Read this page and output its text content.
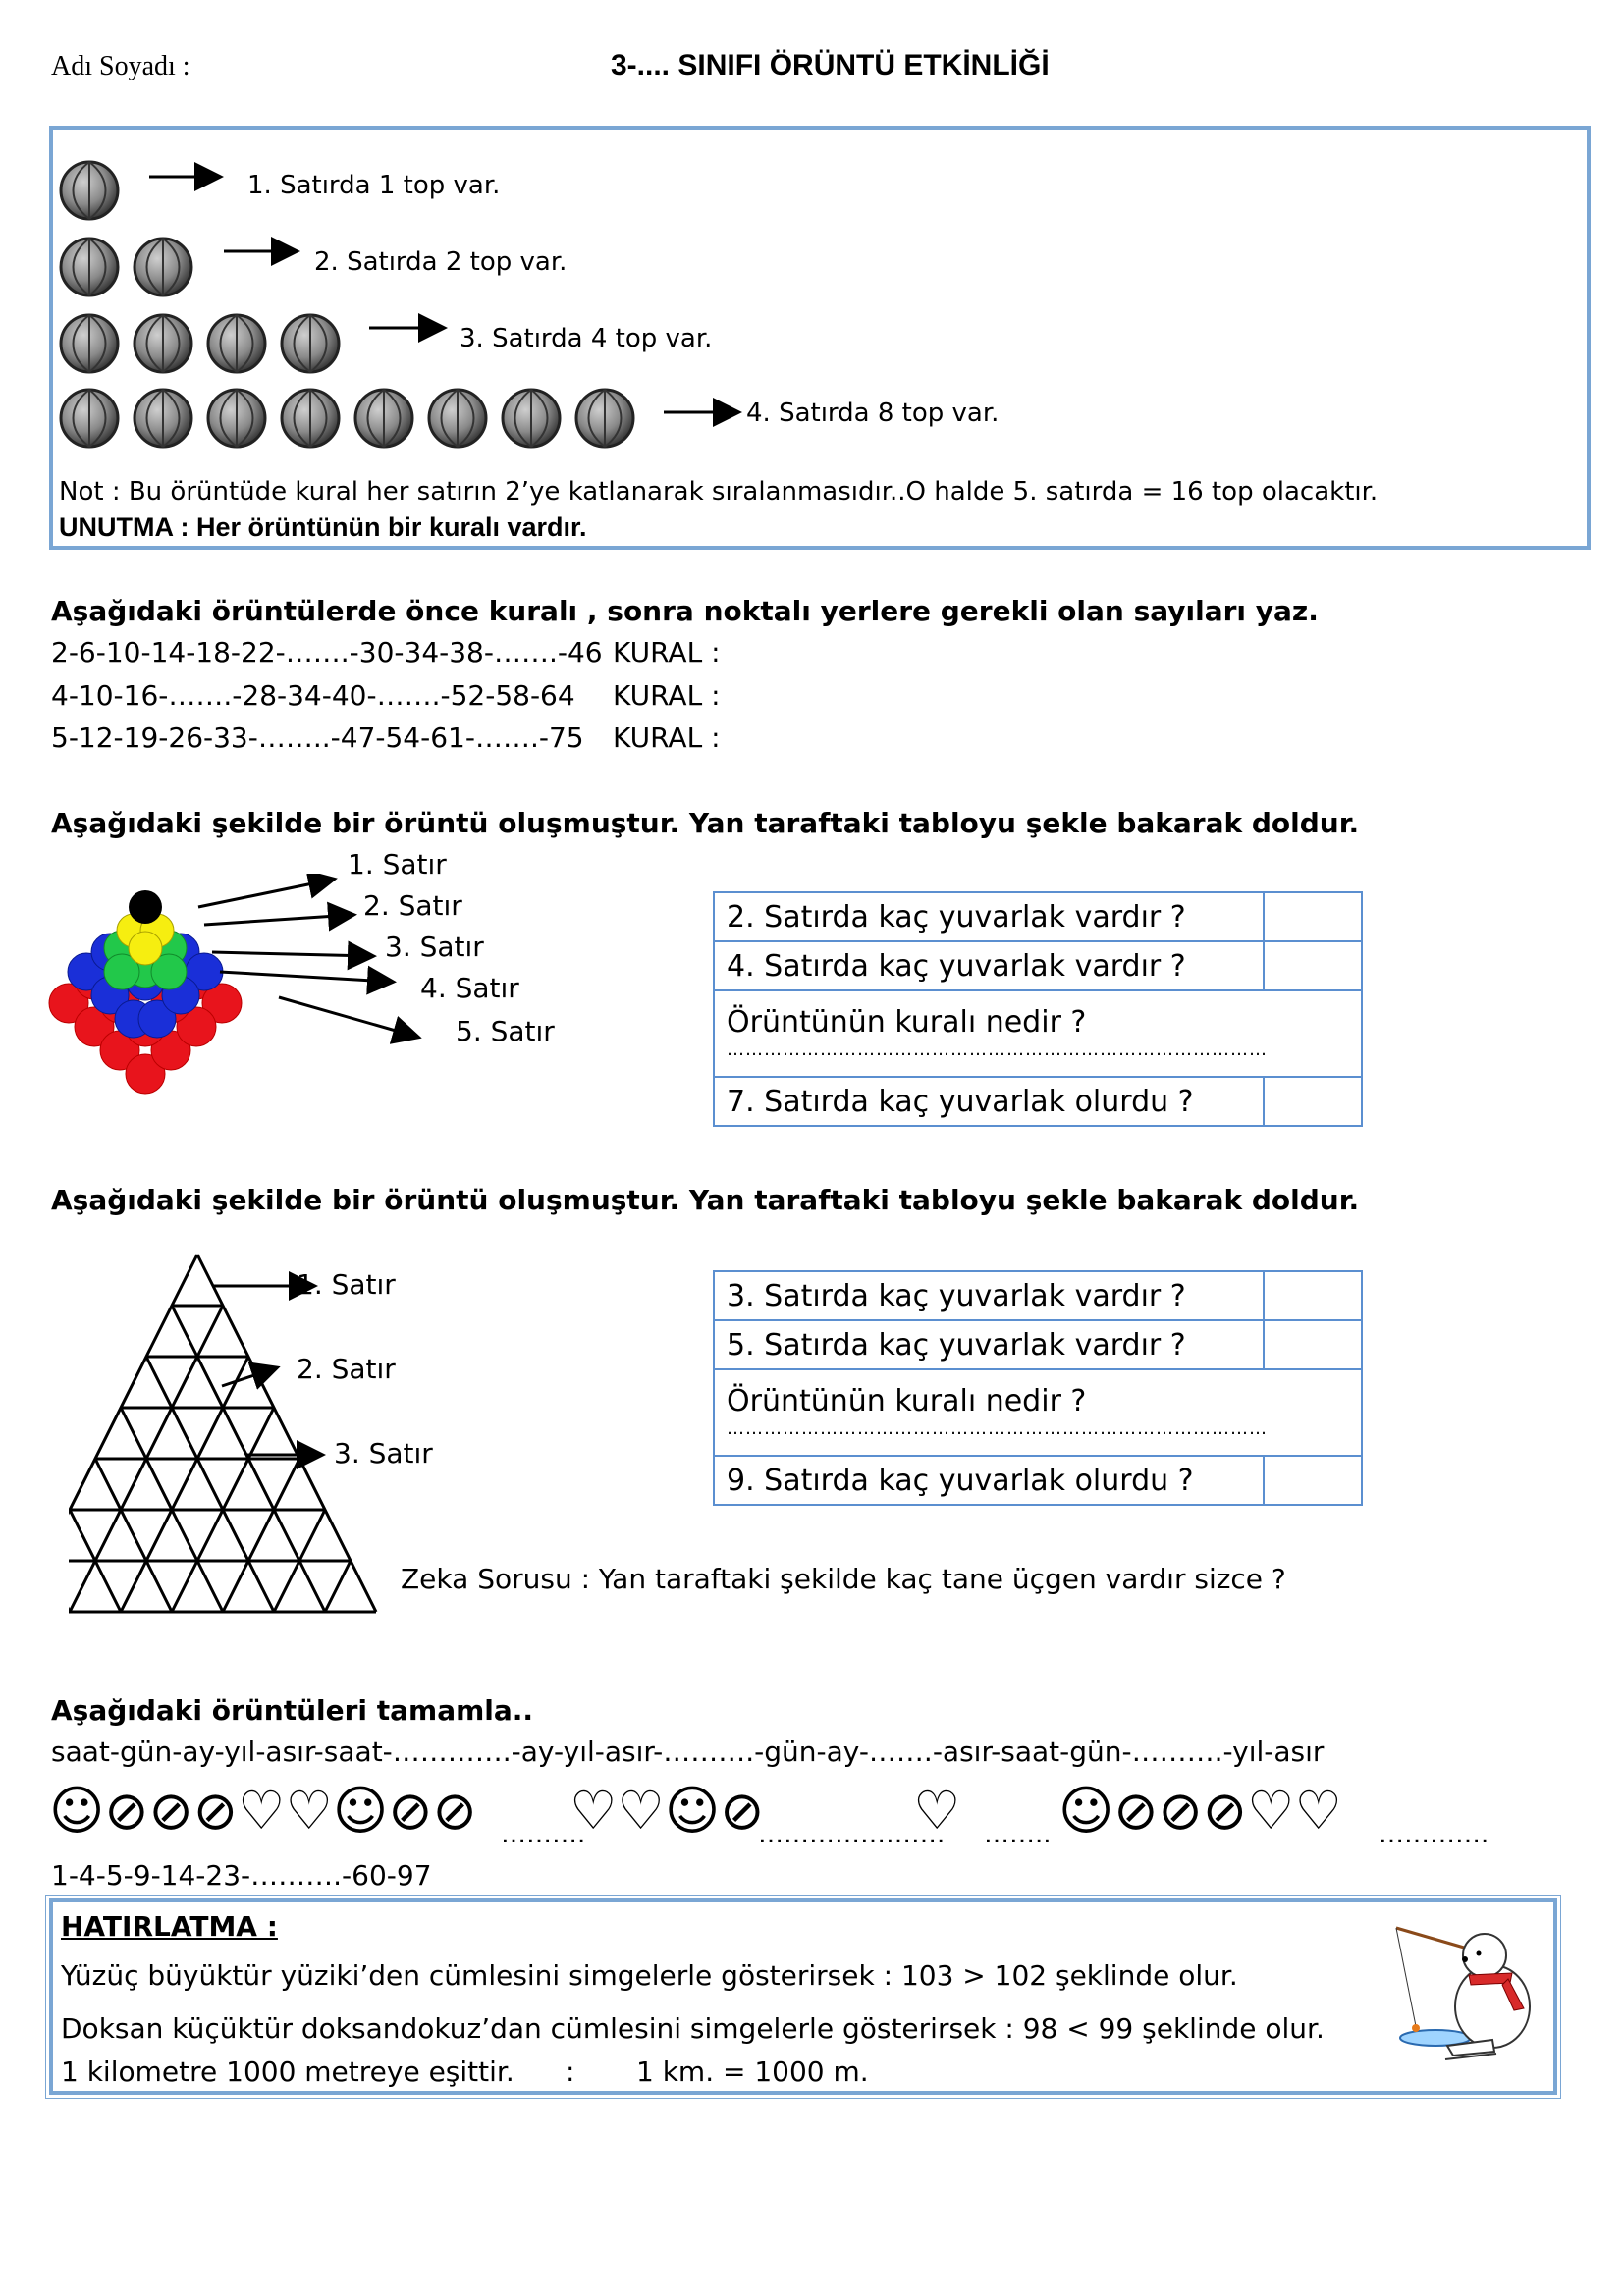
Adı Soyadı :	3-.... SINIFI ÖRÜNTÜ ETKİNLİĞİ
1. Satırda 1 top var.
2. Satırda 2 top var.
3. Satırda 4 top var.
4. Satırda 8 top var.
Not : Bu örüntüde kural her satırın 2’ye katlanarak sıralanmasıdır..O halde 5. satırda = 16 top olacaktır.
UNUTMA : Her örüntünün bir kuralı vardır.
Aşağıdaki örüntülerde önce kuralı , sonra noktalı yerlere gerekli olan sayıları yaz.
2-6-10-14-18-22-…….-30-34-38-…….-46 KURAL :
4-10-16-…….-28-34-40-…….-52-58-64 KURAL :
5-12-19-26-33-……..-47-54-61-…….-75 KURAL :
Aşağıdaki şekilde bir örüntü oluşmuştur. Yan taraftaki tabloyu şekle bakarak doldur.
1. Satır
2. Satır
3. Satır
4. Satır
5. Satır
2. Satırda kaç yuvarlak vardır ?	
4. Satırda kaç yuvarlak vardır ?	

Örüntünün kuralı nedir ?
……………………………………………………………………………	

7. Satırda kaç yuvarlak olurdu ?	
Aşağıdaki şekilde bir örüntü oluşmuştur. Yan taraftaki tabloyu şekle bakarak doldur.
1. Satır
2. Satır
3. Satır
3. Satırda kaç yuvarlak vardır ?	
5. Satırda kaç yuvarlak vardır ?	

Örüntünün kuralı nedir ?
……………………………………………………………………………	

9. Satırda kaç yuvarlak olurdu ?	
Zeka Sorusu : Yan taraftaki şekilde kaç tane üçgen vardır sizce ?
Aşağıdaki örüntüleri tamamla..
saat-gün-ay-yıl-asır-saat-………….-ay-yıl-asır-……….-gün-ay-…….-asır-saat-gün-……….-yıl-asır
☺⊘⊘⊘♡♡☺⊘⊘ ……….
♡♡☺⊘
………………….
♡ …….. ☺⊘⊘⊘♡♡ ………….
1-4-5-9-14-23-……….-60-97
HATIRLATMA :
Yüzüç büyüktür yüziki’den cümlesini simgelerle gösterirsek : 103 > 102 şeklinde olur.
Doksan küçüktür doksandokuz’dan cümlesini simgelerle gösterirsek : 98 < 99 şeklinde olur.
1 kilometre 1000 metreye eşittir. : 1 km. = 1000 m.
